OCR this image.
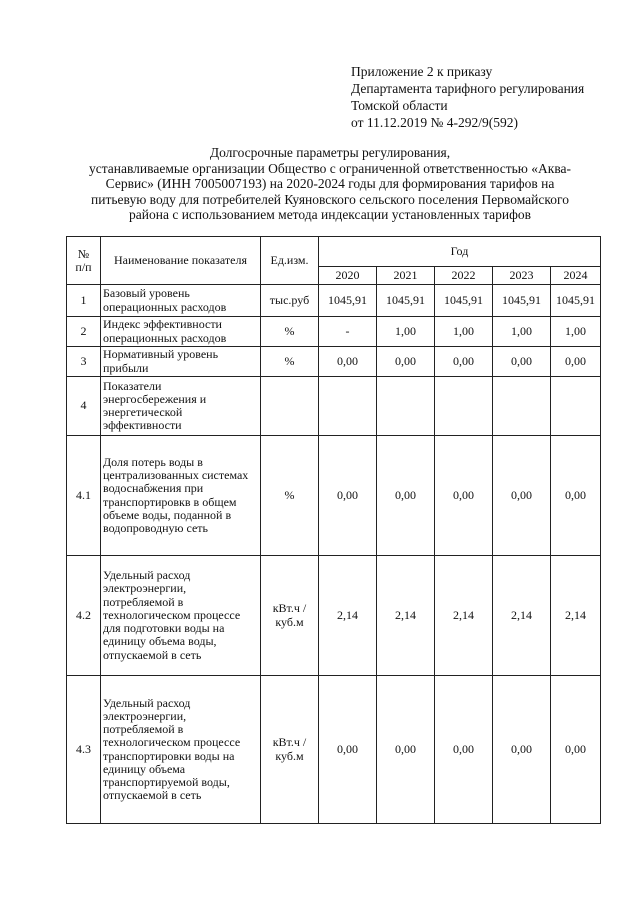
Приложение 2 к приказу
Департамента тарифного регулирования
Томской области
от 11.12.2019 № 4-292/9(592)
Долгосрочные параметры регулирования,
устанавливаемые организации Общество с ограниченной ответственностью «Аква-
Сервис» (ИНН 7005007193) на 2020-2024 годы для формирования тарифов на
питьевую воду для потребителей Куяновского сельского поселения Первомайского
района с использованием метода индексации установленных тарифов
№
п/п	Наименование показателя	Ед.изм.	Год				
			2020	2021	2022	2023	2024
1	Базовый уровень операционных расходов	тыс.руб	1045,91	1045,91	1045,91	1045,91	1045,91
2	Индекс эффективности операционных расходов	%	-	1,00	1,00	1,00	1,00
3	Нормативный уровень прибыли	%	0,00	0,00	0,00	0,00	0,00
4	Показатели энергосбережения и энергетической эффективности						
4.1	Доля потерь воды в централизованных системах водоснабжения при транспортировкв в общем объеме воды, поданной в водопроводную сеть	%	0,00	0,00	0,00	0,00	0,00
4.2	Удельный расход электроэнергии, потребляемой в технологическом процессе для подготовки воды на единицу объема воды, отпускаемой в сеть	кВт.ч / куб.м	2,14	2,14	2,14	2,14	2,14
4.3	Удельный расход электроэнергии, потребляемой в технологическом процессе транспортировки воды на единицу объема транспортируемой воды, отпускаемой в сеть	кВт.ч / куб.м	0,00	0,00	0,00	0,00	0,00
